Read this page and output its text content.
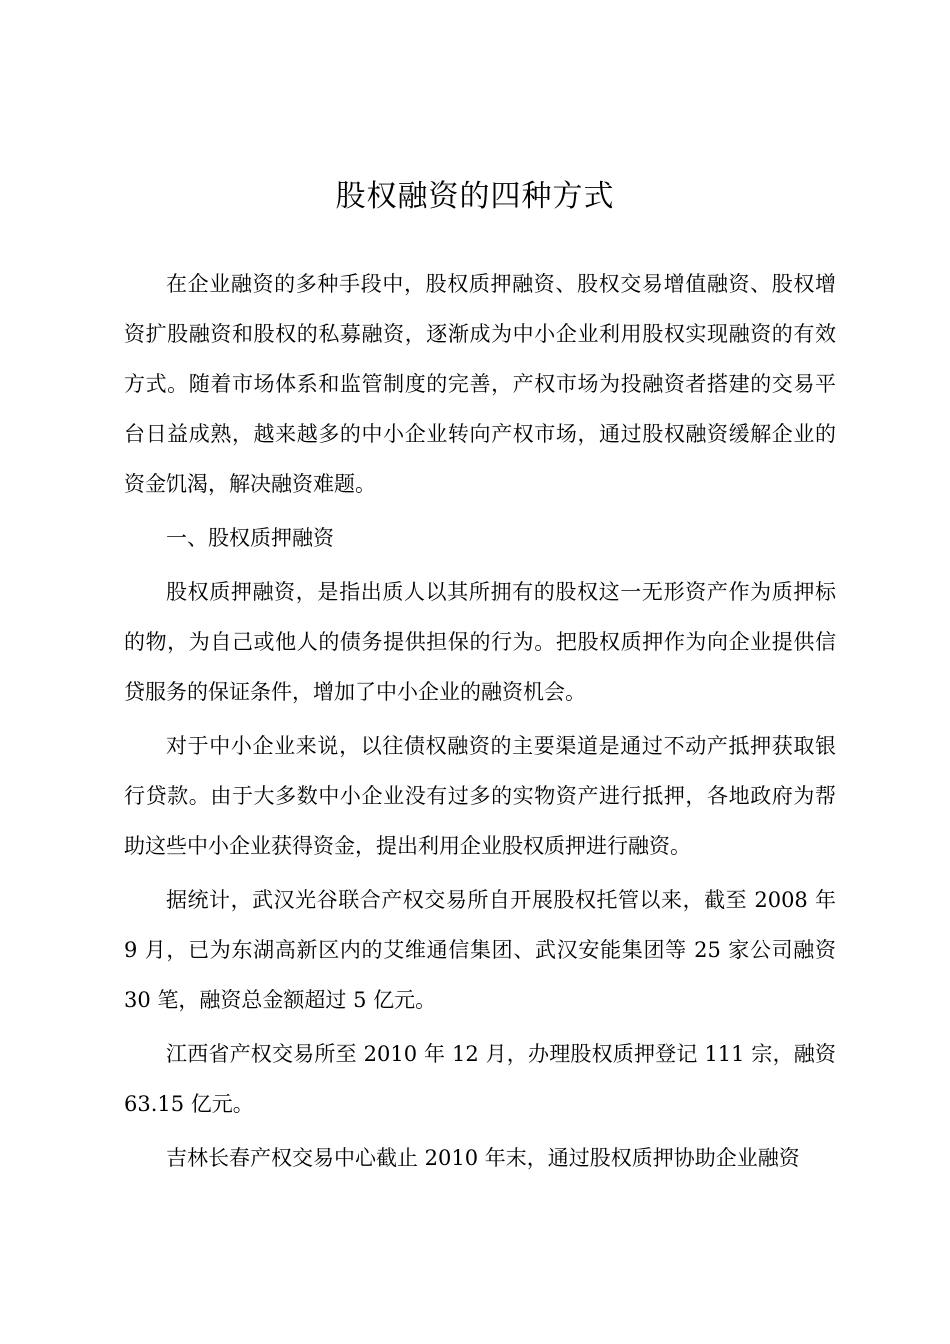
股权融资的四种方式

在企业融资的多种手段中，股权质押融资、股权交易增值融资、股权增资扩股融资和股权的私募融资，逐渐成为中小企业利用股权实现融资的有效方式。随着市场体系和监管制度的完善，产权市场为投融资者搭建的交易平台日益成熟，越来越多的中小企业转向产权市场，通过股权融资缓解企业的资金饥渴，解决融资难题。

一、股权质押融资

股权质押融资，是指出质人以其所拥有的股权这一无形资产作为质押标的物，为自己或他人的债务提供担保的行为。把股权质押作为向企业提供信贷服务的保证条件，增加了中小企业的融资机会。

对于中小企业来说，以往债权融资的主要渠道是通过不动产抵押获取银行贷款。由于大多数中小企业没有过多的实物资产进行抵押，各地政府为帮助这些中小企业获得资金，提出利用企业股权质押进行融资。

据统计，武汉光谷联合产权交易所自开展股权托管以来，截至 2008 年 9 月，已为东湖高新区内的艾维通信集团、武汉安能集团等 25 家公司融资 30 笔，融资总金额超过 5 亿元。

江西省产权交易所至 2010 年 12 月，办理股权质押登记 111 宗，融资 63.15 亿元。

吉林长春产权交易中心截止 2010 年末，通过股权质押协助企业融资
